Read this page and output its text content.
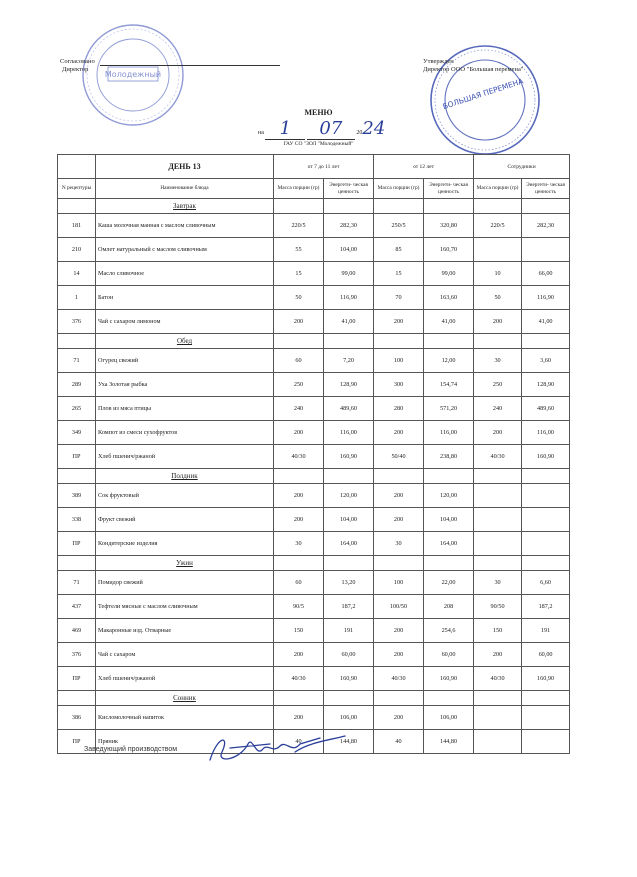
Молодежный
БОЛЬШАЯ ПЕРЕМЕНА
Согласовано
Директор
Утвержден
Директор ООО "Большая перемена"
МЕНЮ
на 1 07 2024
ГАУ СО "ЗОЛ "Молодежный"
	ДЕНЬ 13	от 7 до 11 лет		от 12 лет		Сотрудники	
N рецептуры	Наименование блюда	Масса порции (гр)	Энергети- ческая ценность	Масса порции (гр)	Энергети- ческая ценность	Масса порции (гр)	Энергети- ческая ценность
	Завтрак						
181	Каша молочная манная с маслом сливочным	220/5	282,30	250/5	320,80	220/5	282,30
210	Омлет натуральный с маслом сливочным	55	104,00	85	160,70		
14	Масло сливочное	15	99,00	15	99,00	10	66,00
1	Батон	50	116,90	70	163,60	50	116,90
376	Чай с сахаром лимоном	200	41,00	200	41,00	200	41,00
	Обед						
71	Огурец свежий	60	7,20	100	12,00	30	3,60
289	Уха Золотая рыбка	250	128,90	300	154,74	250	128,90
265	Плов из мяса птицы	240	489,60	280	571,20	240	489,60
349	Компот из смеси сухофруктов	200	116,00	200	116,00	200	116,00
ПР	Хлеб пшенич/ржаной	40/30	160,90	50/40	238,80	40/30	160,90
	Полдник						
389	Сок фруктовый	200	120,00	200	120,00		
338	Фрукт свежий	200	104,00	200	104,00		
ПР	Кондитерские изделия	30	164,00	30	164,00		
	Ужин						
71	Помидор свежий	60	13,20	100	22,00	30	6,60
437	Тефтели мясные с маслом сливочным	90/5	187,2	100/50	208	90/50	187,2
469	Макаронные изд. Отварные	150	191	200	254,6	150	191
376	Чай с сахаром	200	60,00	200	60,00	200	60,00
ПР	Хлеб пшенич/ржаной	40/30	160,90	40/30	160,90	40/30	160,90
	Сонник						
386	Кисломолочный напиток	200	106,00	200	106,00		
ПР	Пряник	40	144,80	40	144,80		
Заведующий производством
